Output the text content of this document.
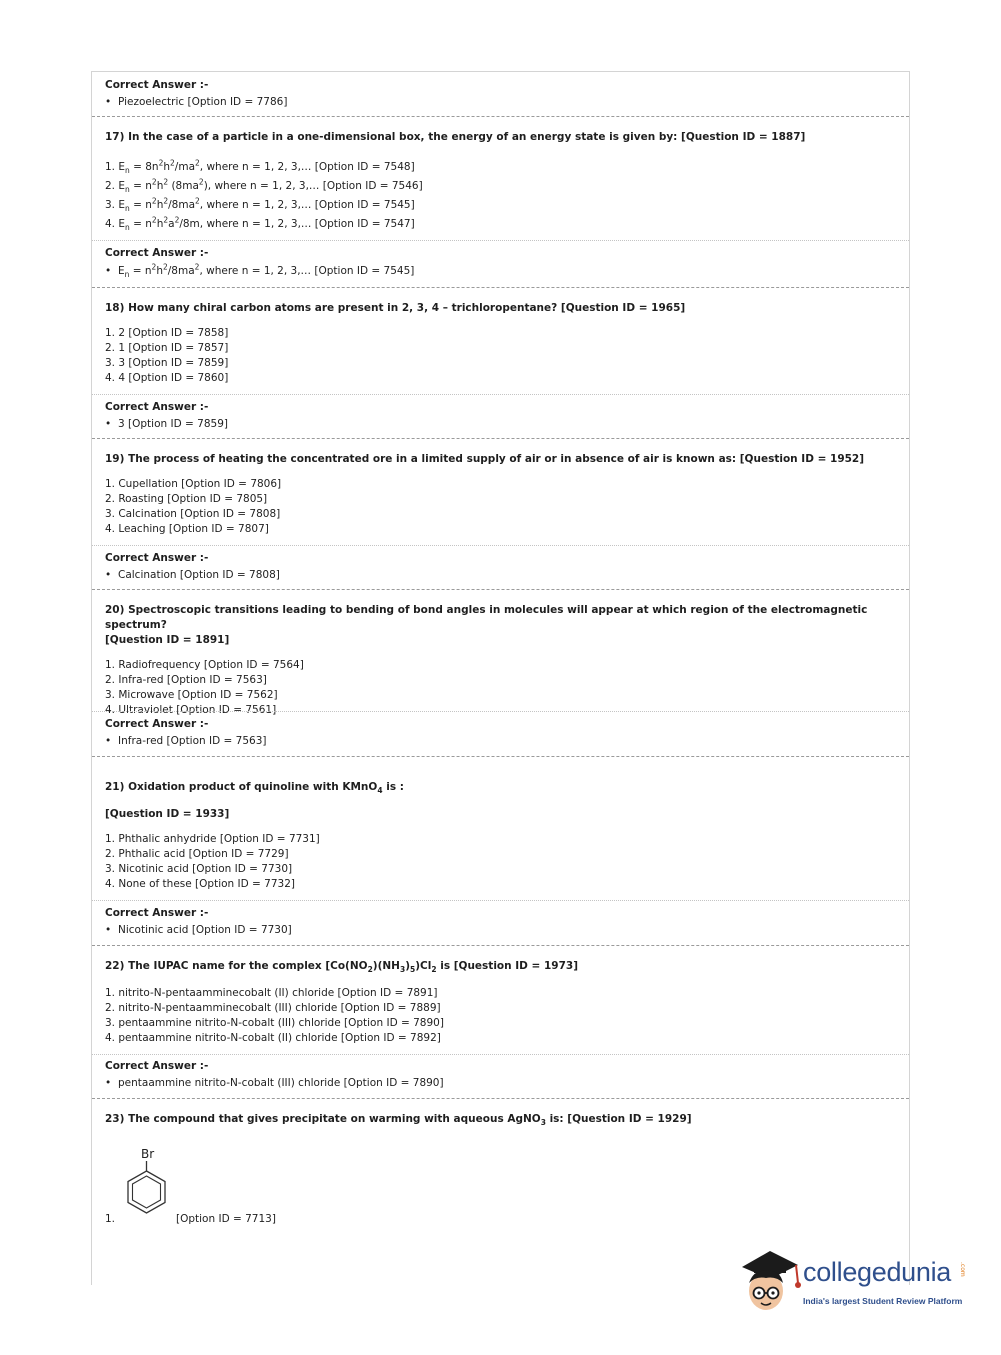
Correct Answer :-
• Piezoelectric [Option ID = 7786]
17) In the case of a particle in a one-dimensional box, the energy of an energy state is given by: [Question ID = 1887]
1. $E_n = 8n^2h^2/ma^2$, where n = 1, 2, 3,… [Option ID = 7548]
2. $E_n = n^2h^2$ $(8ma^2)$, where n = 1, 2, 3,… [Option ID = 7546]
3. $E_n = n^2h^2/8ma^2$, where n = 1, 2, 3,… [Option ID = 7545]
4. $E_n = n^2h^2a^2/8m$, where n = 1, 2, 3,… [Option ID = 7547]
Correct Answer :-
• $E_n = n^2h^2/8ma^2$, where n = 1, 2, 3,… [Option ID = 7545]
18) How many chiral carbon atoms are present in 2, 3, 4 – trichloropentane? [Question ID = 1965]
1. 2 [Option ID = 7858]
2. 1 [Option ID = 7857]
3. 3 [Option ID = 7859]
4. 4 [Option ID = 7860]
Correct Answer :-
• 3 [Option ID = 7859]
19) The process of heating the concentrated ore in a limited supply of air or in absence of air is known as: [Question ID = 1952]
1. Cupellation [Option ID = 7806]
2. Roasting [Option ID = 7805]
3. Calcination [Option ID = 7808]
4. Leaching [Option ID = 7807]
Correct Answer :-
• Calcination [Option ID = 7808]
20) Spectroscopic transitions leading to bending of bond angles in molecules will appear at which region of the electromagnetic spectrum?
[Question ID = 1891]
1. Radiofrequency [Option ID = 7564]
2. Infra-red [Option ID = 7563]
3. Microwave [Option ID = 7562]
4. Ultraviolet [Option ID = 7561]
Correct Answer :-
• Infra-red [Option ID = 7563]
21) Oxidation product of quinoline with KMnO$_4$ is :
[Question ID = 1933]
1. Phthalic anhydride [Option ID = 7731]
2. Phthalic acid [Option ID = 7729]
3. Nicotinic acid [Option ID = 7730]
4. None of these [Option ID = 7732]
Correct Answer :-
• Nicotinic acid [Option ID = 7730]
22) The IUPAC name for the complex $[Co(NO_2)(NH_3)_5)Cl_2$ is [Question ID = 1973]
1. nitrito-N-pentaamminecobalt (II) chloride [Option ID = 7891]
2. nitrito-N-pentaamminecobalt (III) chloride [Option ID = 7889]
3. pentaammine nitrito-N-cobalt (III) chloride [Option ID = 7890]
4. pentaammine nitrito-N-cobalt (II) chloride [Option ID = 7892]
Correct Answer :-
• pentaammine nitrito-N-cobalt (III) chloride [Option ID = 7890]
23) The compound that gives precipitate on warming with aqueous AgNO$_3$ is: [Question ID = 1929]
Br
1.	[Option ID = 7713]
collegedunia .com
India's largest Student Review Platform
